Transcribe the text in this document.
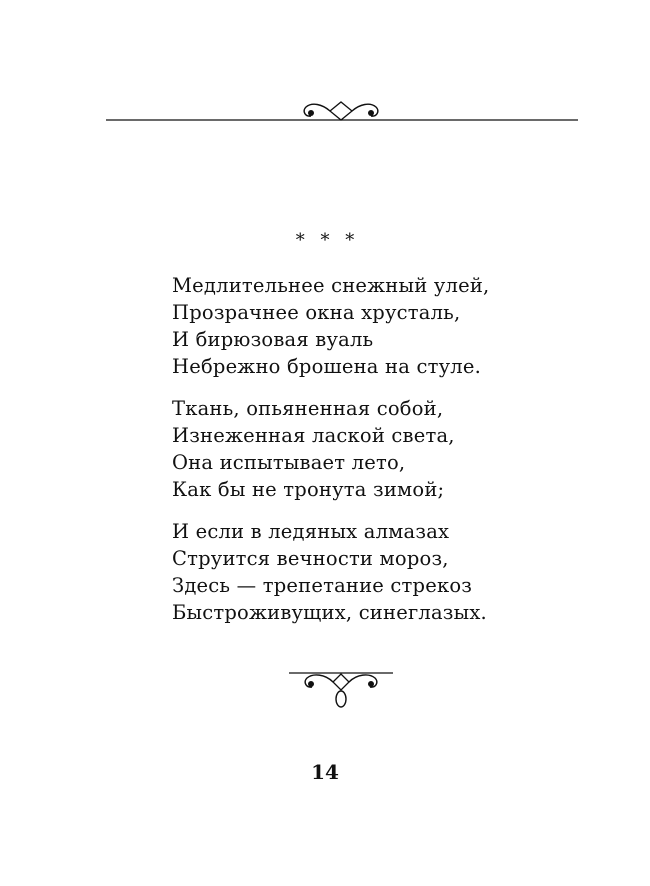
* * *
Медлительнее снежный улей,
Прозрачнее окна хрусталь,
И бирюзовая вуаль
Небрежно брошена на стуле.
Ткань, опьяненная собой,
Изнеженная лаской света,
Она испытывает лето,
Как бы не тронута зимой;
И если в ледяных алмазах
Струится вечности мороз,
Здесь — трепетание стрекоз
Быстроживущих, синеглазых.
14
